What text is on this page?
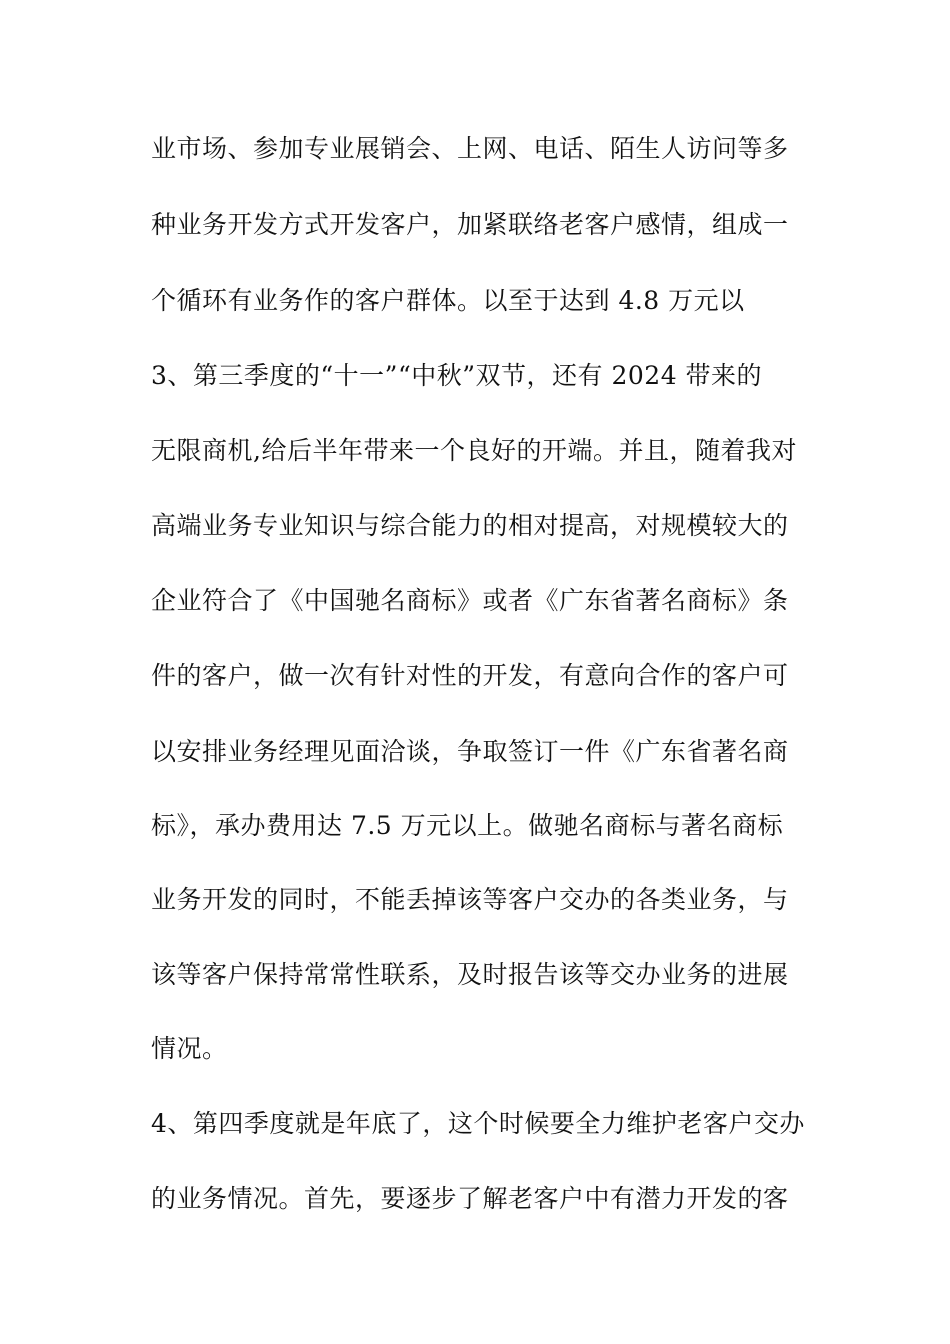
业市场、参加专业展销会、上网、电话、陌生人访问等多
种业务开发方式开发客户，加紧联络老客户感情，组成一
个循环有业务作的客户群体。以至于达到 4.8 万元以
3、第三季度的“十一”“中秋”双节，还有 2024 带来的
无限商机,给后半年带来一个良好的开端。并且，随着我对
高端业务专业知识与综合能力的相对提高，对规模较大的
企业符合了《中国驰名商标》或者《广东省著名商标》条
件的客户，做一次有针对性的开发，有意向合作的客户可
以安排业务经理见面洽谈，争取签订一件《广东省著名商
标》，承办费用达 7.5 万元以上。做驰名商标与著名商标
业务开发的同时，不能丢掉该等客户交办的各类业务，与
该等客户保持常常性联系，及时报告该等交办业务的进展
情况。
4、第四季度就是年底了，这个时候要全力维护老客户交办
的业务情况。首先，要逐步了解老客户中有潜力开发的客
